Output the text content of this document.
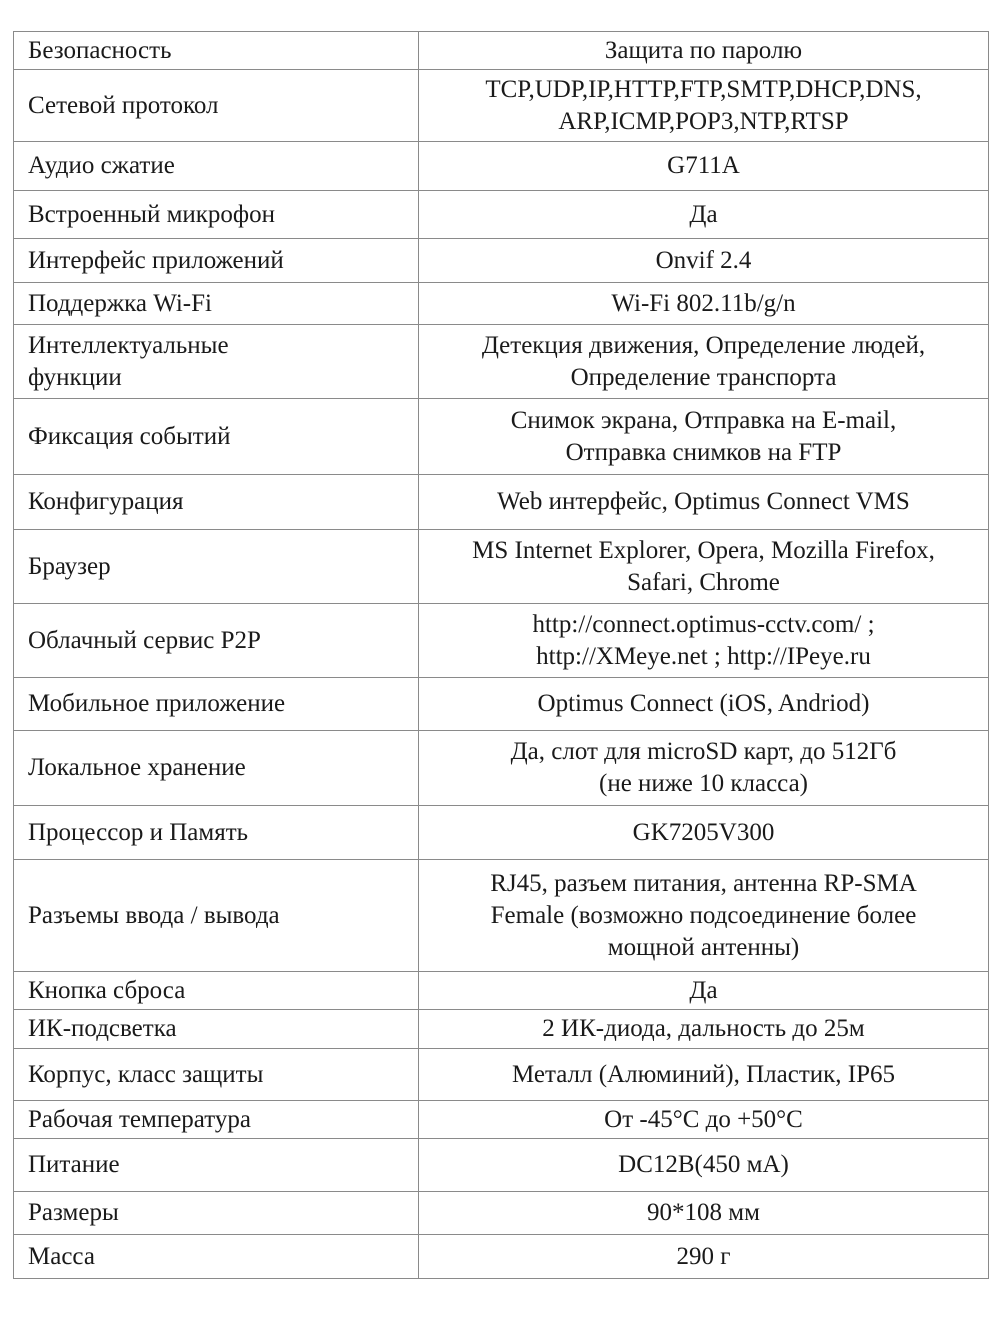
Безопасность	Защита по паролю

Сетевой протокол	TCP,UDP,IP,HTTP,FTP,SMTP,DHCP,DNS,
ARP,ICMP,POP3,NTP,RTSP

Аудио сжатие	G711A

Встроенный микрофон	Да

Интерфейс приложений	Onvif 2.4

Поддержка Wi-Fi	Wi-Fi 802.11b/g/n

Интеллектуальные
функции	Детекция движения, Определение людей,
Определение транспорта

Фиксация событий	Снимок экрана, Отправка на E-mail,
Отправка снимков на FTP

Конфигурация	Web интерфейс, Optimus Connect VMS

Браузер	MS Internet Explorer, Opera, Mozilla Firefox,
Safari, Chrome

Облачный сервис P2P	http://connect.optimus-cctv.com/ ;
http://XMeye.net ; http://IPeye.ru

Мобильное приложение	Optimus Connect (iOS, Andriod)

Локальное хранение	Да, слот для microSD карт, до 512Гб
(не ниже 10 класса)

Процессор и Память	GK7205V300

Разъемы ввода / вывода	RJ45, разъем питания, антенна RP-SMA
Female (возможно подсоединение более
мощной антенны)

Кнопка сброса	Да

ИК-подсветка	2 ИК-диода, дальность до 25м

Корпус, класс защиты	Металл (Алюминий), Пластик, IP65

Рабочая температура	От -45°С до +50°С

Питание	DC12В(450 мА)

Размеры	90*108 мм

Масса	290 г
